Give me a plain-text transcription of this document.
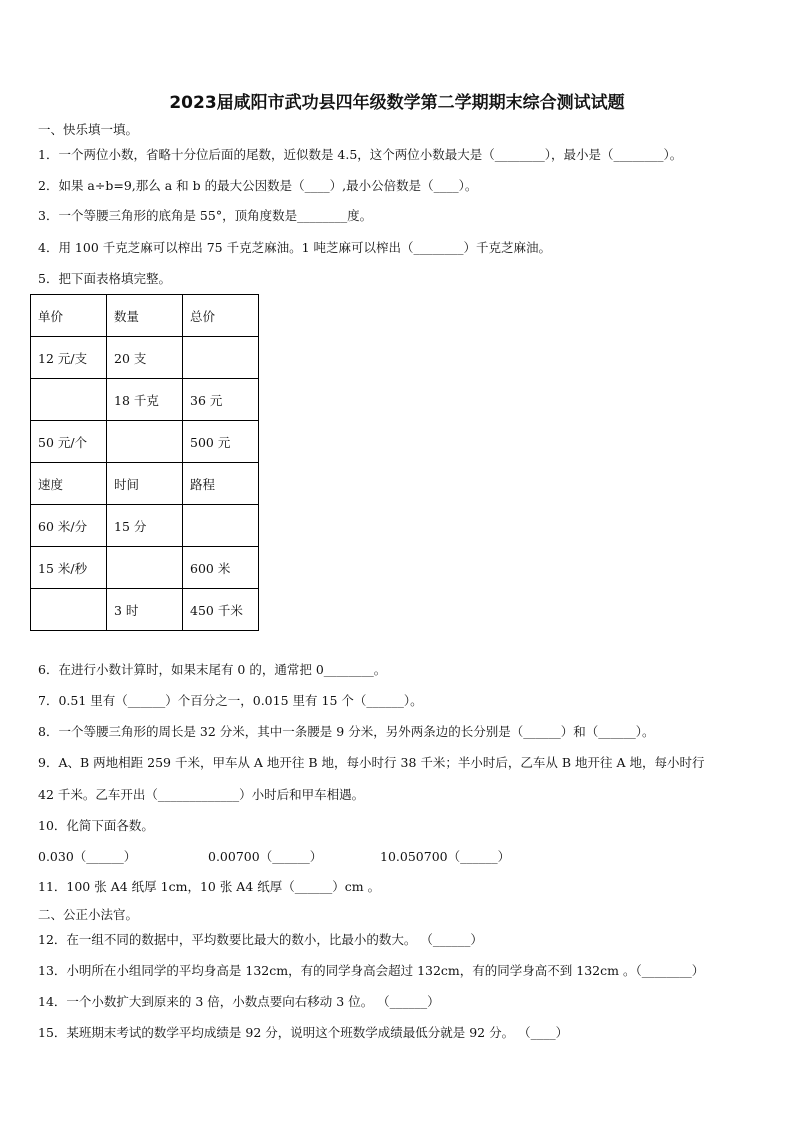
2023届咸阳市武功县四年级数学第二学期期末综合测试试题
一、快乐填一填。
1．一个两位小数，省略十分位后面的尾数，近似数是 4.5，这个两位小数最大是（________），最小是（________）。
2．如果 a÷b=9,那么 a 和 b 的最大公因数是（____）,最小公倍数是（____）。
3．一个等腰三角形的底角是 55°，顶角度数是________度。
4．用 100 千克芝麻可以榨出 75 千克芝麻油。1 吨芝麻可以榨出（________）千克芝麻油。
5．把下面表格填完整。
单价	数量	总价
12 元/支	20 支	
	18 千克	36 元
50 元/个		500 元
速度	时间	路程
60 米/分	15 分	
15 米/秒		600 米
	3 时	450 千米
6．在进行小数计算时，如果末尾有 0 的，通常把 0________。
7．0.51 里有（______）个百分之一，0.015 里有 15 个（______）。
8．一个等腰三角形的周长是 32 分米，其中一条腰是 9 分米，另外两条边的长分别是（______）和（______）。
9．A、B 两地相距 259 千米，甲车从 A 地开往 B 地，每小时行 38 千米；半小时后，乙车从 B 地开往 A 地，每小时行
42 千米。乙车开出（_____________）小时后和甲车相遇。
10．化简下面各数。
0.030（______）	0.00700（______）	10.050700（______）
11．100 张 A4 纸厚 1cm，10 张 A4 纸厚（______）cm 。
二、公正小法官。
12．在一组不同的数据中，平均数要比最大的数小，比最小的数大。 （______）
13．小明所在小组同学的平均身高是 132cm，有的同学身高会超过 132cm，有的同学身高不到 132cm 。（________）
14．一个小数扩大到原来的 3 倍，小数点要向右移动 3 位。 （______）
15．某班期末考试的数学平均成绩是 92 分，说明这个班数学成绩最低分就是 92 分。 （____）
